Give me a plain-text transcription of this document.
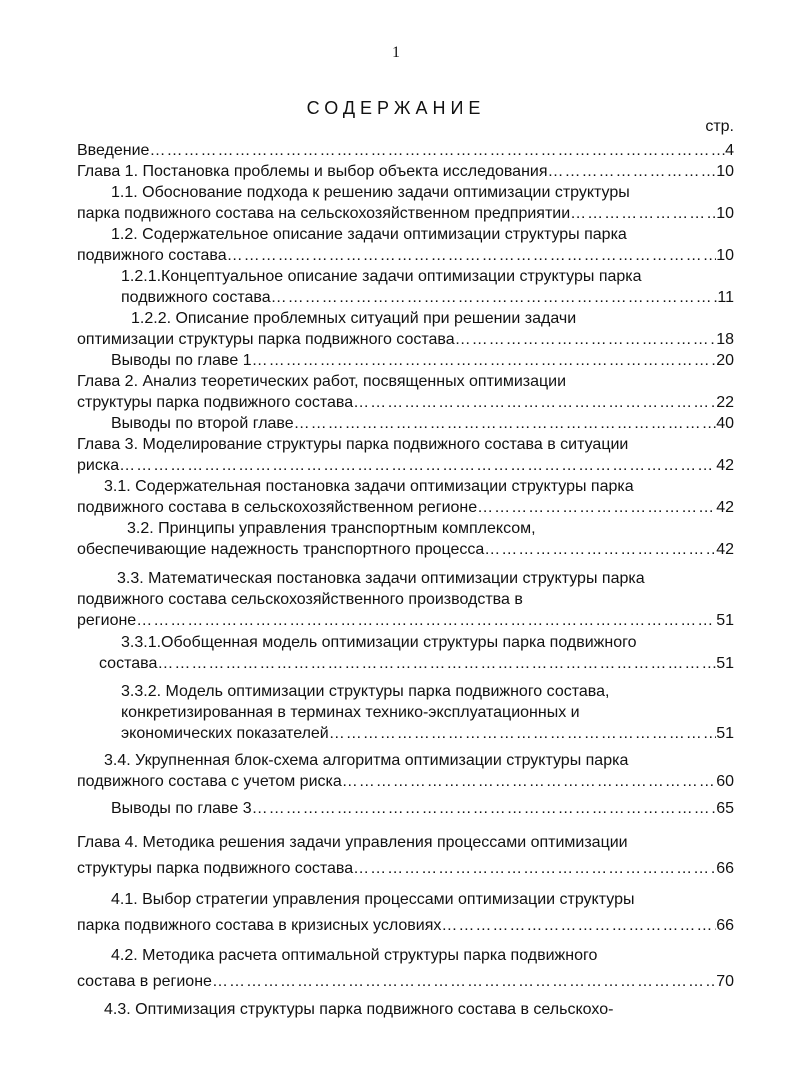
1
СОДЕРЖАНИЕ
стр.
Введение ……………………………………………………………………………………………………………………………………………………………………	4
Глава 1. Постановка проблемы и выбор объекта исследования ……………………………………………………………………………………………………………………………………………………………………	10
1.1. Обоснование подхода к решению задачи оптимизации структуры
парка подвижного состава на сельскохозяйственном предприятии ……………………………………………………………………………………………………………………………………………………………………	10
1.2. Содержательное описание задачи оптимизации структуры парка
подвижного состава ……………………………………………………………………………………………………………………………………………………………………	10
1.2.1.Концептуальное описание задачи оптимизации структуры парка
подвижного состава ……………………………………………………………………………………………………………………………………………………………………	11
1.2.2. Описание проблемных ситуаций при решении задачи
оптимизации структуры парка подвижного состава ……………………………………………………………………………………………………………………………………………………………………	18
Выводы по главе 1 ……………………………………………………………………………………………………………………………………………………………………	20
Глава 2. Анализ теоретических работ, посвященных оптимизации
структуры парка подвижного состава ……………………………………………………………………………………………………………………………………………………………………	22
Выводы по второй главе ……………………………………………………………………………………………………………………………………………………………………	40
Глава 3. Моделирование структуры парка подвижного состава в ситуации
риска ……………………………………………………………………………………………………………………………………………………………………	42
3.1. Содержательная постановка задачи оптимизации структуры парка
подвижного состава в сельскохозяйственном регионе ……………………………………………………………………………………………………………………………………………………………………	42
3.2. Принципы управления транспортным комплексом,
обеспечивающие надежность транспортного процесса ……………………………………………………………………………………………………………………………………………………………………	42
3.3. Математическая постановка задачи оптимизации структуры парка
подвижного состава сельскохозяйственного производства в
регионе ……………………………………………………………………………………………………………………………………………………………………	51
3.3.1.Обобщенная модель оптимизации структуры парка подвижного
состава ……………………………………………………………………………………………………………………………………………………………………	51
3.3.2. Модель оптимизации структуры парка подвижного состава,
конкретизированная в терминах технико-эксплуатационных и
экономических показателей ……………………………………………………………………………………………………………………………………………………………………	51
3.4. Укрупненная блок-схема алгоритма оптимизации структуры парка
подвижного состава с учетом риска ……………………………………………………………………………………………………………………………………………………………………	60
Выводы по главе 3 ……………………………………………………………………………………………………………………………………………………………………	65
Глава 4. Методика решения задачи управления процессами оптимизации
структуры парка подвижного состава ……………………………………………………………………………………………………………………………………………………………………	66
4.1. Выбор стратегии управления процессами оптимизации структуры
парка подвижного состава в кризисных условиях ……………………………………………………………………………………………………………………………………………………………………	66
4.2. Методика расчета оптимальной структуры парка подвижного
состава в регионе ……………………………………………………………………………………………………………………………………………………………………	70
4.3. Оптимизация структуры парка подвижного состава в сельскохо-
